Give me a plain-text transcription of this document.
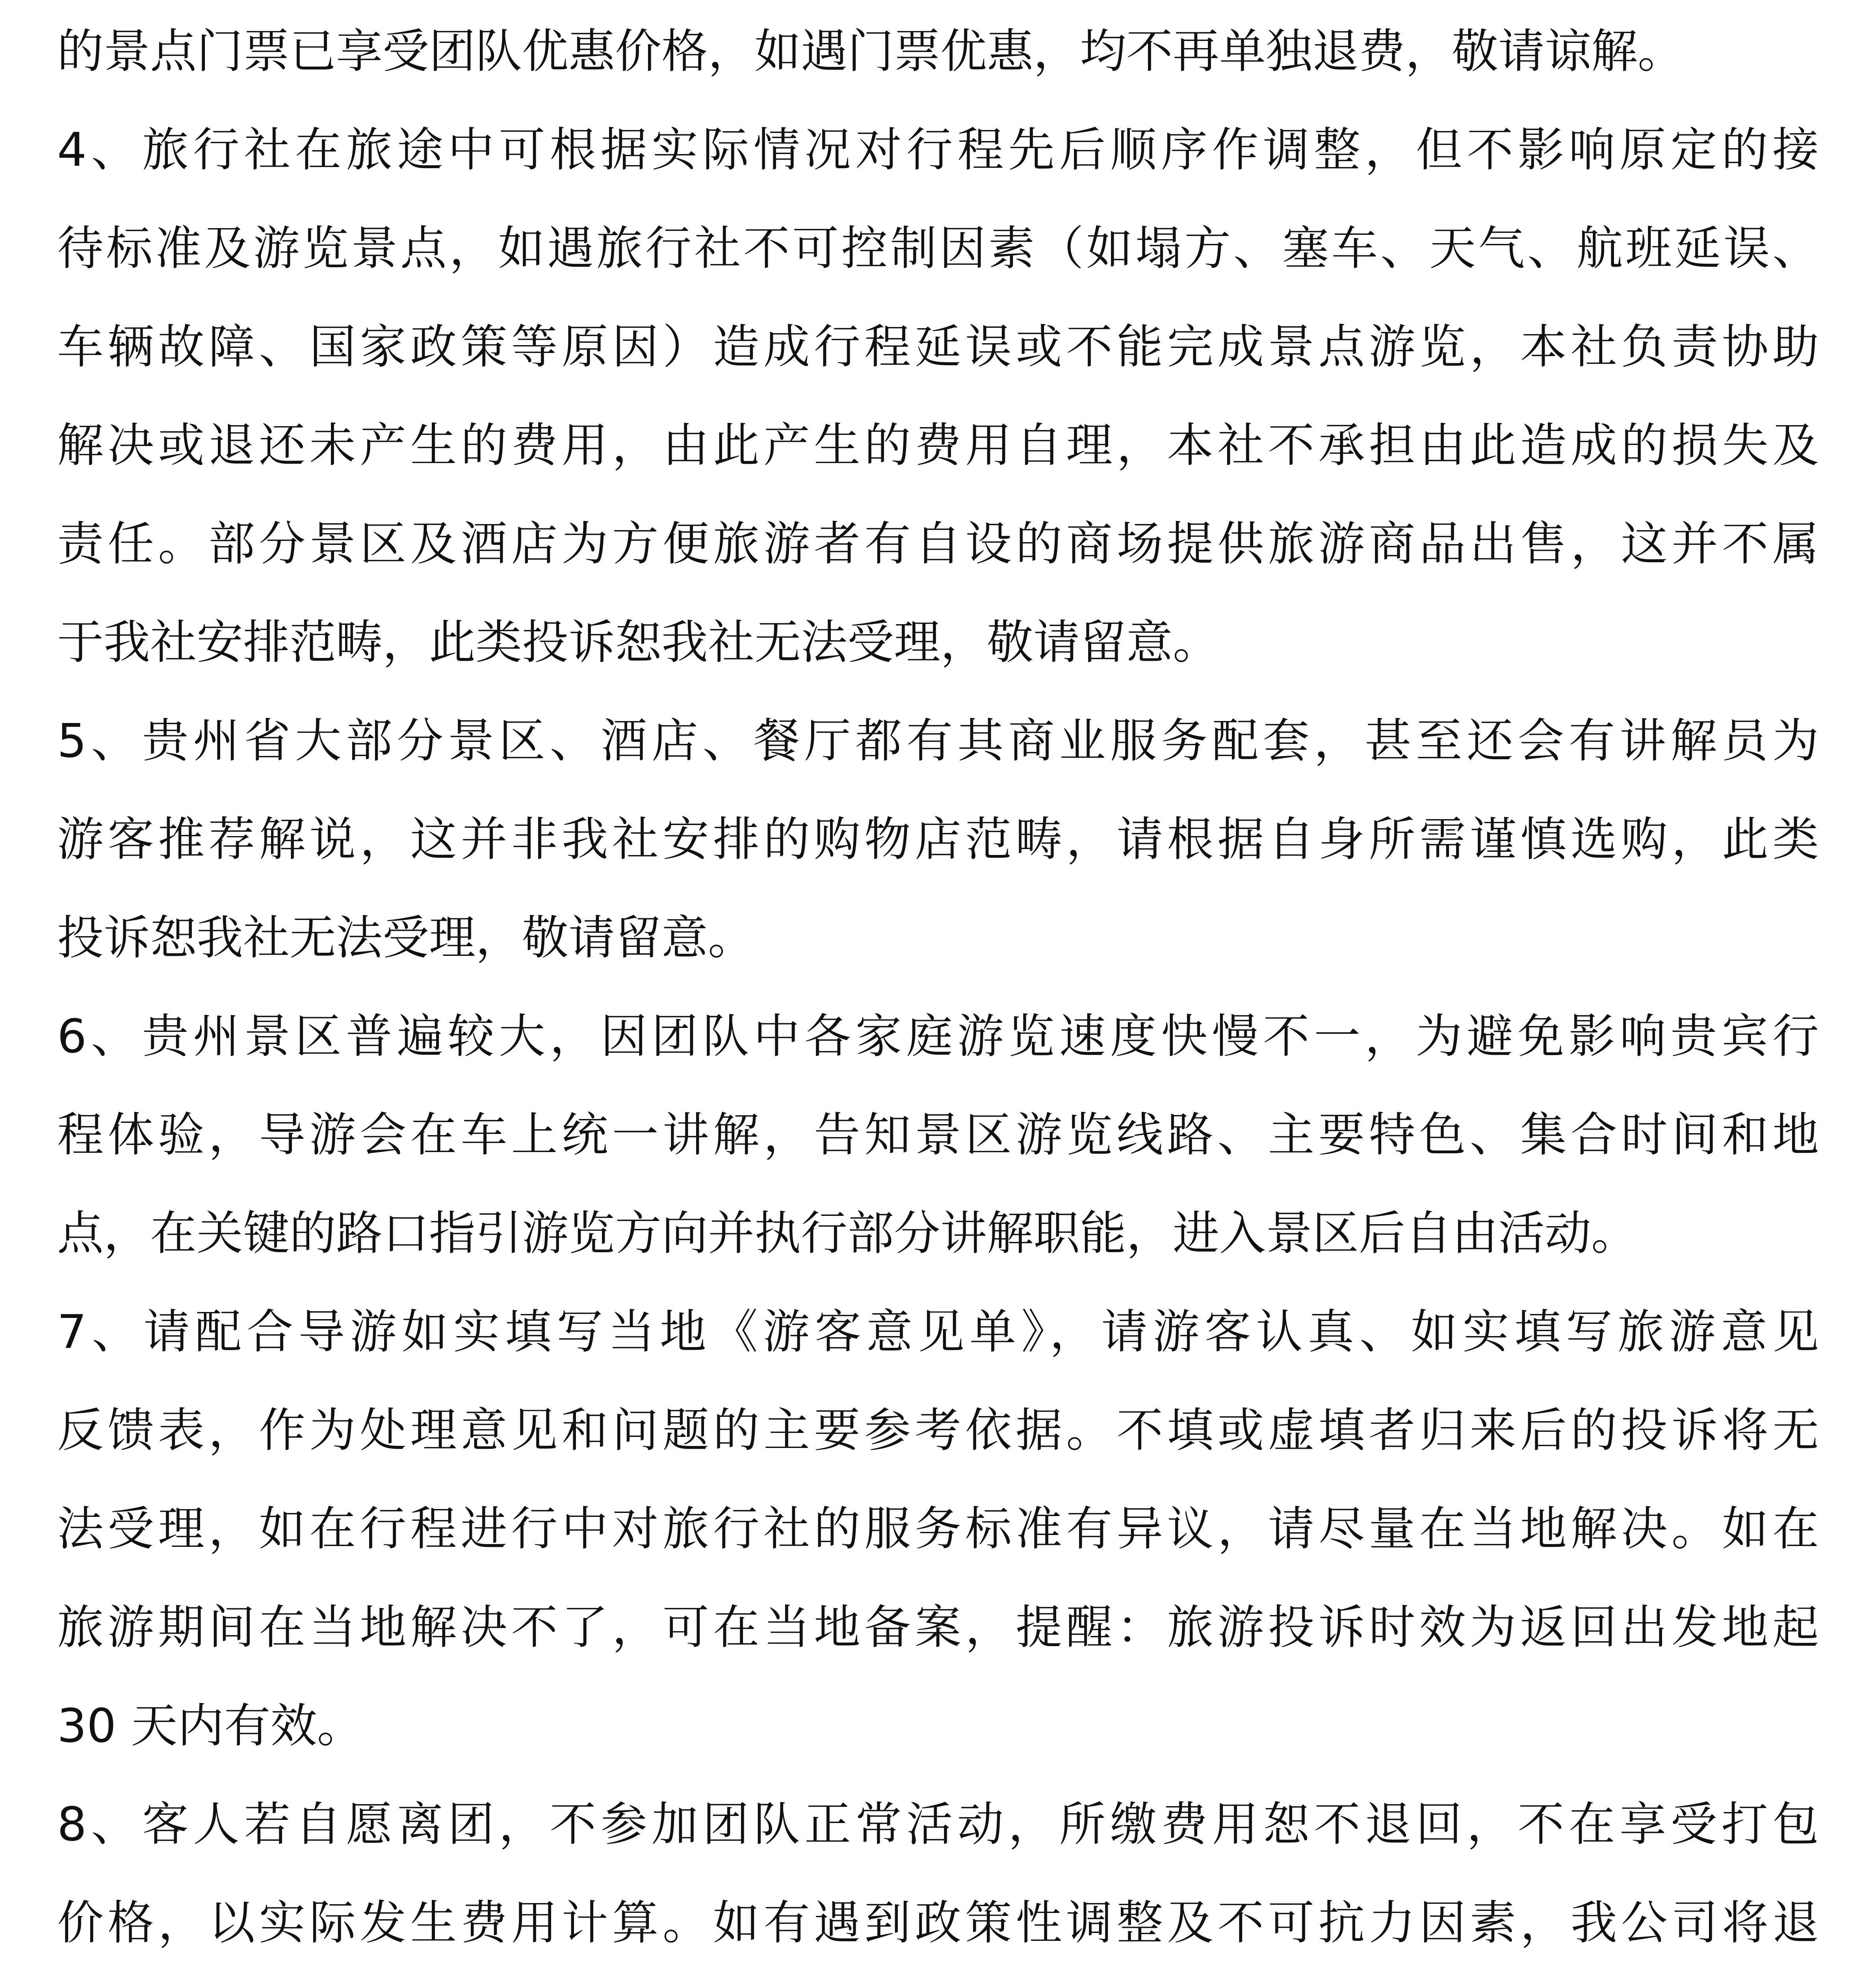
的景点门票已享受团队优惠价格，如遇门票优惠，均不再单独退费，敬请谅解。
4、旅行社在旅途中可根据实际情况对行程先后顺序作调整，但不影响原定的接
待标准及游览景点，如遇旅行社不可控制因素（如塌方、塞车、天气、航班延误、
车辆故障、国家政策等原因）造成行程延误或不能完成景点游览，本社负责协助
解决或退还未产生的费用，由此产生的费用自理，本社不承担由此造成的损失及
责任。部分景区及酒店为方便旅游者有自设的商场提供旅游商品出售，这并不属
于我社安排范畴，此类投诉恕我社无法受理，敬请留意。
5、贵州省大部分景区、酒店、餐厅都有其商业服务配套，甚至还会有讲解员为
游客推荐解说，这并非我社安排的购物店范畴，请根据自身所需谨慎选购，此类
投诉恕我社无法受理，敬请留意。
6、贵州景区普遍较大，因团队中各家庭游览速度快慢不一，为避免影响贵宾行
程体验，导游会在车上统一讲解，告知景区游览线路、主要特色、集合时间和地
点，在关键的路口指引游览方向并执行部分讲解职能，进入景区后自由活动。
7、请配合导游如实填写当地《游客意见单》，请游客认真、如实填写旅游意见
反馈表，作为处理意见和问题的主要参考依据。不填或虚填者归来后的投诉将无
法受理，如在行程进行中对旅行社的服务标准有异议，请尽量在当地解决。如在
旅游期间在当地解决不了，可在当地备案，提醒：旅游投诉时效为返回出发地起
30 天内有效。
8、客人若自愿离团，不参加团队正常活动，所缴费用恕不退回，不在享受打包
价格，以实际发生费用计算。如有遇到政策性调整及不可抗力因素，我公司将退
